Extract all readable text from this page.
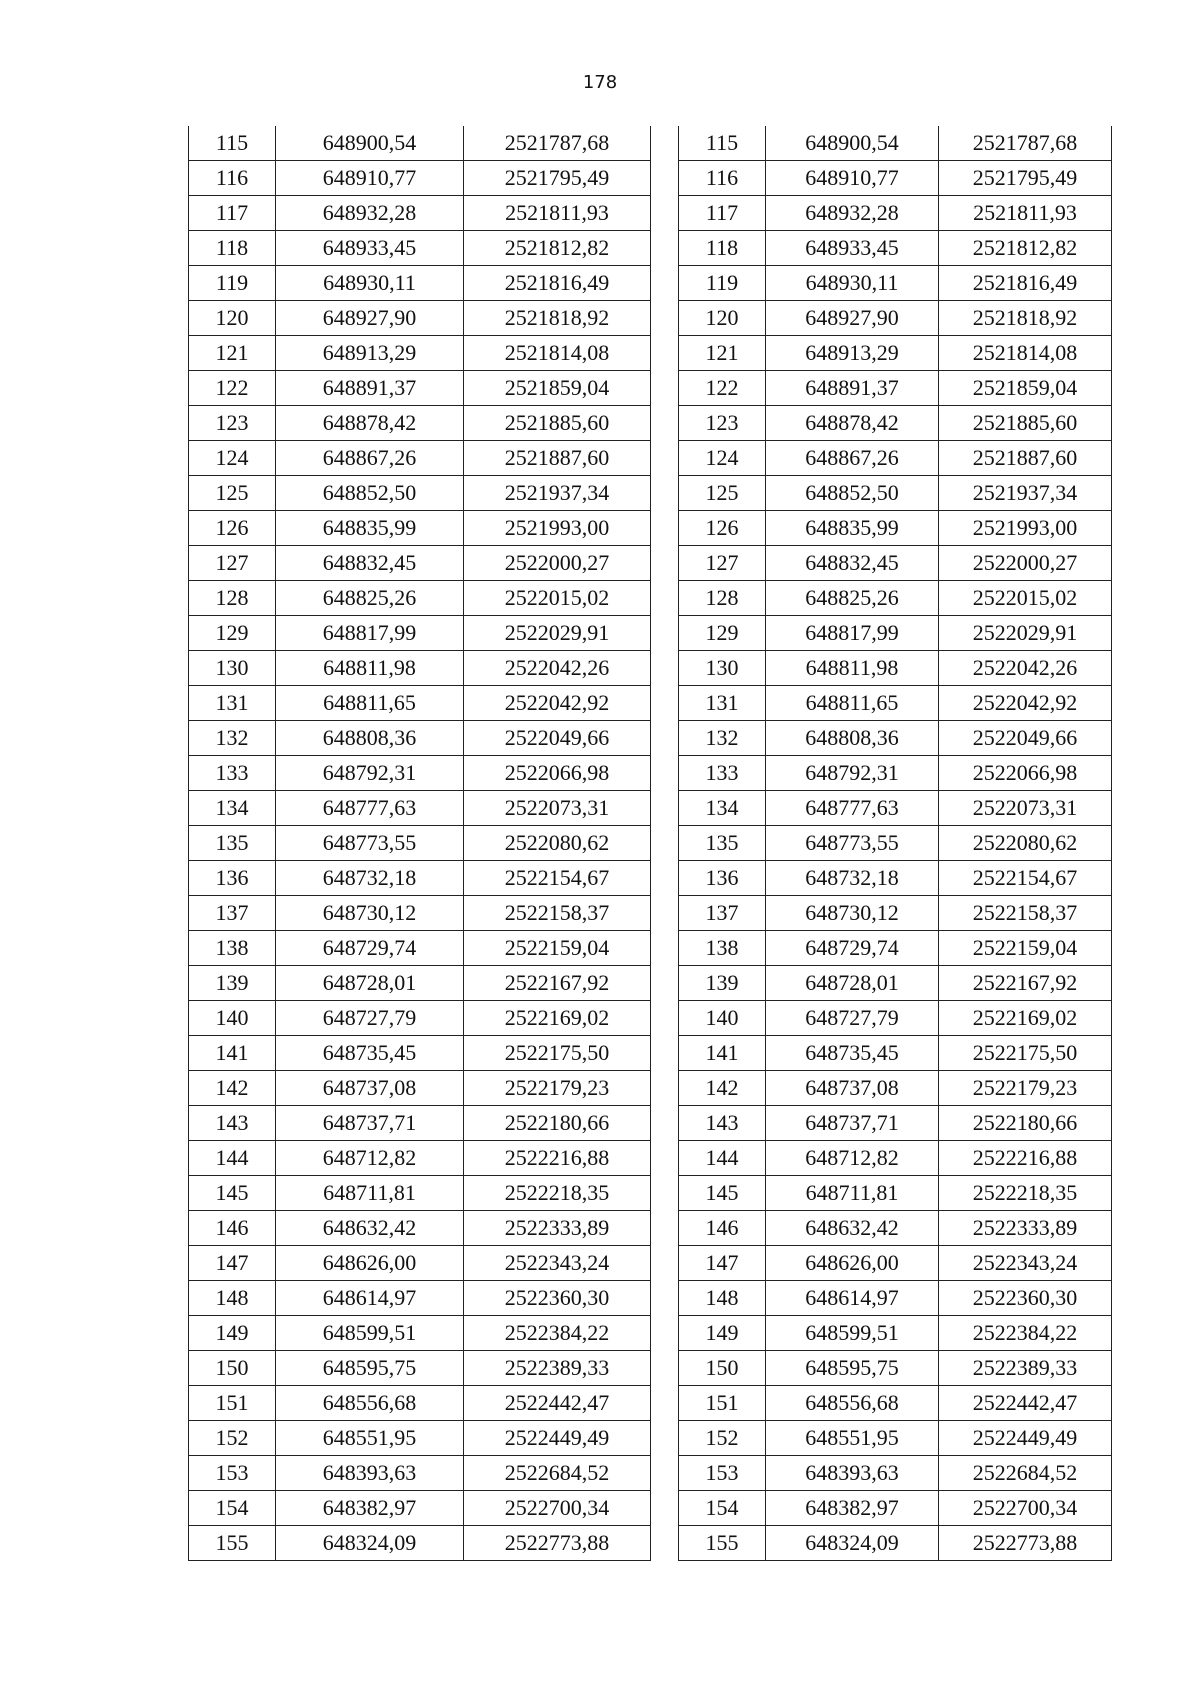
178
115	648900,54	2521787,68
116	648910,77	2521795,49
117	648932,28	2521811,93
118	648933,45	2521812,82
119	648930,11	2521816,49
120	648927,90	2521818,92
121	648913,29	2521814,08
122	648891,37	2521859,04
123	648878,42	2521885,60
124	648867,26	2521887,60
125	648852,50	2521937,34
126	648835,99	2521993,00
127	648832,45	2522000,27
128	648825,26	2522015,02
129	648817,99	2522029,91
130	648811,98	2522042,26
131	648811,65	2522042,92
132	648808,36	2522049,66
133	648792,31	2522066,98
134	648777,63	2522073,31
135	648773,55	2522080,62
136	648732,18	2522154,67
137	648730,12	2522158,37
138	648729,74	2522159,04
139	648728,01	2522167,92
140	648727,79	2522169,02
141	648735,45	2522175,50
142	648737,08	2522179,23
143	648737,71	2522180,66
144	648712,82	2522216,88
145	648711,81	2522218,35
146	648632,42	2522333,89
147	648626,00	2522343,24
148	648614,97	2522360,30
149	648599,51	2522384,22
150	648595,75	2522389,33
151	648556,68	2522442,47
152	648551,95	2522449,49
153	648393,63	2522684,52
154	648382,97	2522700,34
155	648324,09	2522773,88
115	648900,54	2521787,68
116	648910,77	2521795,49
117	648932,28	2521811,93
118	648933,45	2521812,82
119	648930,11	2521816,49
120	648927,90	2521818,92
121	648913,29	2521814,08
122	648891,37	2521859,04
123	648878,42	2521885,60
124	648867,26	2521887,60
125	648852,50	2521937,34
126	648835,99	2521993,00
127	648832,45	2522000,27
128	648825,26	2522015,02
129	648817,99	2522029,91
130	648811,98	2522042,26
131	648811,65	2522042,92
132	648808,36	2522049,66
133	648792,31	2522066,98
134	648777,63	2522073,31
135	648773,55	2522080,62
136	648732,18	2522154,67
137	648730,12	2522158,37
138	648729,74	2522159,04
139	648728,01	2522167,92
140	648727,79	2522169,02
141	648735,45	2522175,50
142	648737,08	2522179,23
143	648737,71	2522180,66
144	648712,82	2522216,88
145	648711,81	2522218,35
146	648632,42	2522333,89
147	648626,00	2522343,24
148	648614,97	2522360,30
149	648599,51	2522384,22
150	648595,75	2522389,33
151	648556,68	2522442,47
152	648551,95	2522449,49
153	648393,63	2522684,52
154	648382,97	2522700,34
155	648324,09	2522773,88
